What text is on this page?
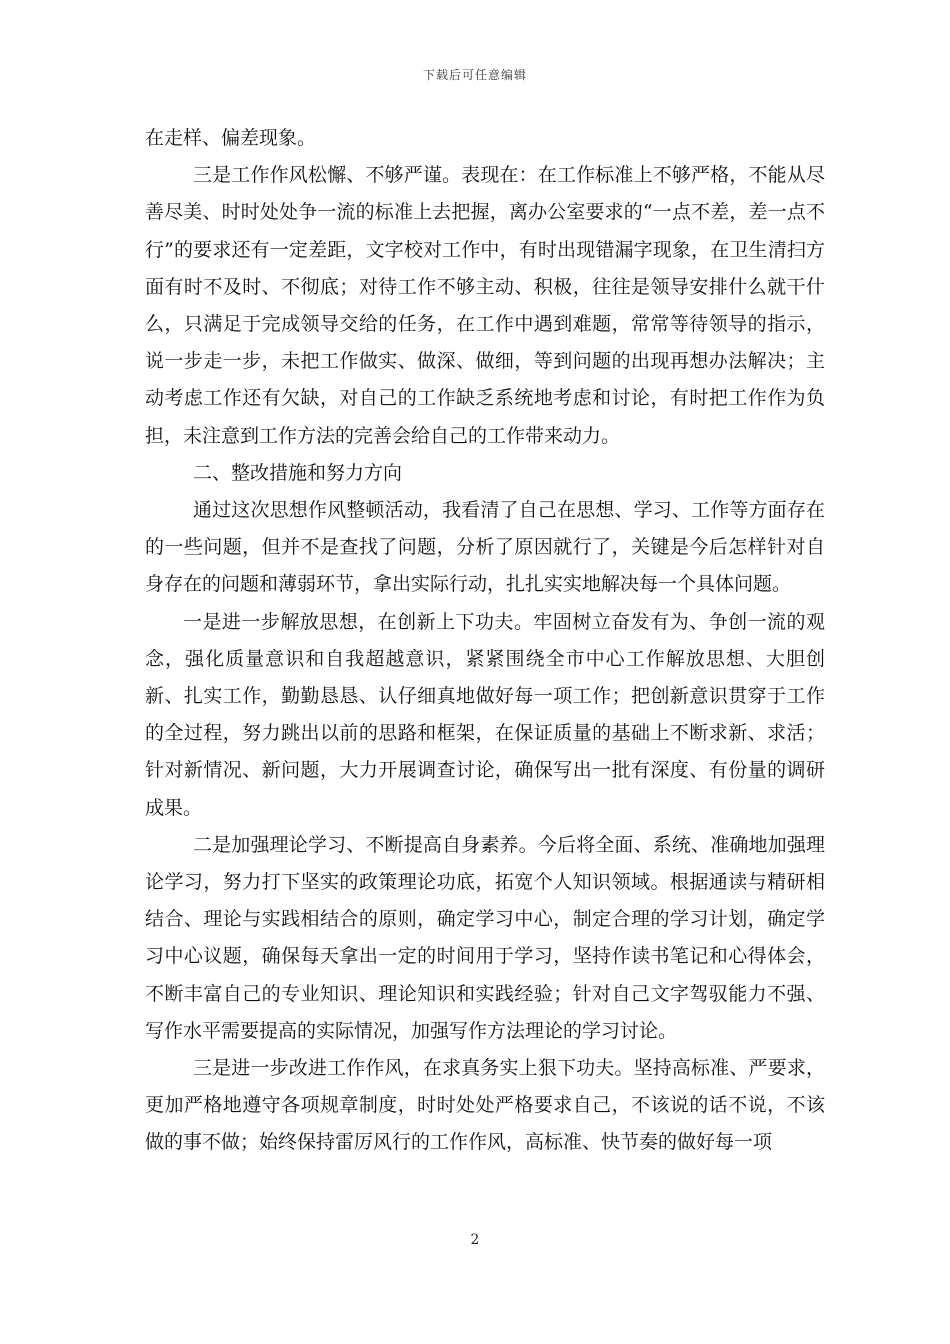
下载后可任意编辑

在走样、偏差现象。

三是工作作风松懈、不够严谨。表现在：在工作标准上不够严格，不能从尽善尽美、时时处处争一流的标准上去把握，离办公室要求的“一点不差，差一点不行”的要求还有一定差距，文字校对工作中，有时出现错漏字现象，在卫生清扫方面有时不及时、不彻底；对待工作不够主动、积极，往往是领导安排什么就干什么，只满足于完成领导交给的任务，在工作中遇到难题，常常等待领导的指示，说一步走一步，未把工作做实、做深、做细，等到问题的出现再想办法解决；主动考虑工作还有欠缺，对自己的工作缺乏系统地考虑和讨论，有时把工作作为负担，未注意到工作方法的完善会给自己的工作带来动力。

二、整改措施和努力方向

通过这次思想作风整顿活动，我看清了自己在思想、学习、工作等方面存在的一些问题，但并不是查找了问题，分析了原因就行了，关键是今后怎样针对自身存在的问题和薄弱环节，拿出实际行动，扎扎实实地解决每一个具体问题。

一是进一步解放思想，在创新上下功夫。牢固树立奋发有为、争创一流的观念，强化质量意识和自我超越意识，紧紧围绕全市中心工作解放思想、大胆创新、扎实工作，勤勤恳恳、认仔细真地做好每一项工作；把创新意识贯穿于工作的全过程，努力跳出以前的思路和框架，在保证质量的基础上不断求新、求活；针对新情况、新问题，大力开展调查讨论，确保写出一批有深度、有份量的调研成果。

二是加强理论学习、不断提高自身素养。今后将全面、系统、准确地加强理论学习，努力打下坚实的政策理论功底，拓宽个人知识领域。根据通读与精研相结合、理论与实践相结合的原则，确定学习中心，制定合理的学习计划，确定学习中心议题，确保每天拿出一定的时间用于学习，坚持作读书笔记和心得体会，不断丰富自己的专业知识、理论知识和实践经验；针对自己文字驾驭能力不强、写作水平需要提高的实际情况，加强写作方法理论的学习讨论。

三是进一步改进工作作风，在求真务实上狠下功夫。坚持高标准、严要求，更加严格地遵守各项规章制度，时时处处严格要求自己，不该说的话不说，不该做的事不做；始终保持雷厉风行的工作作风，高标准、快节奏的做好每一项

2
